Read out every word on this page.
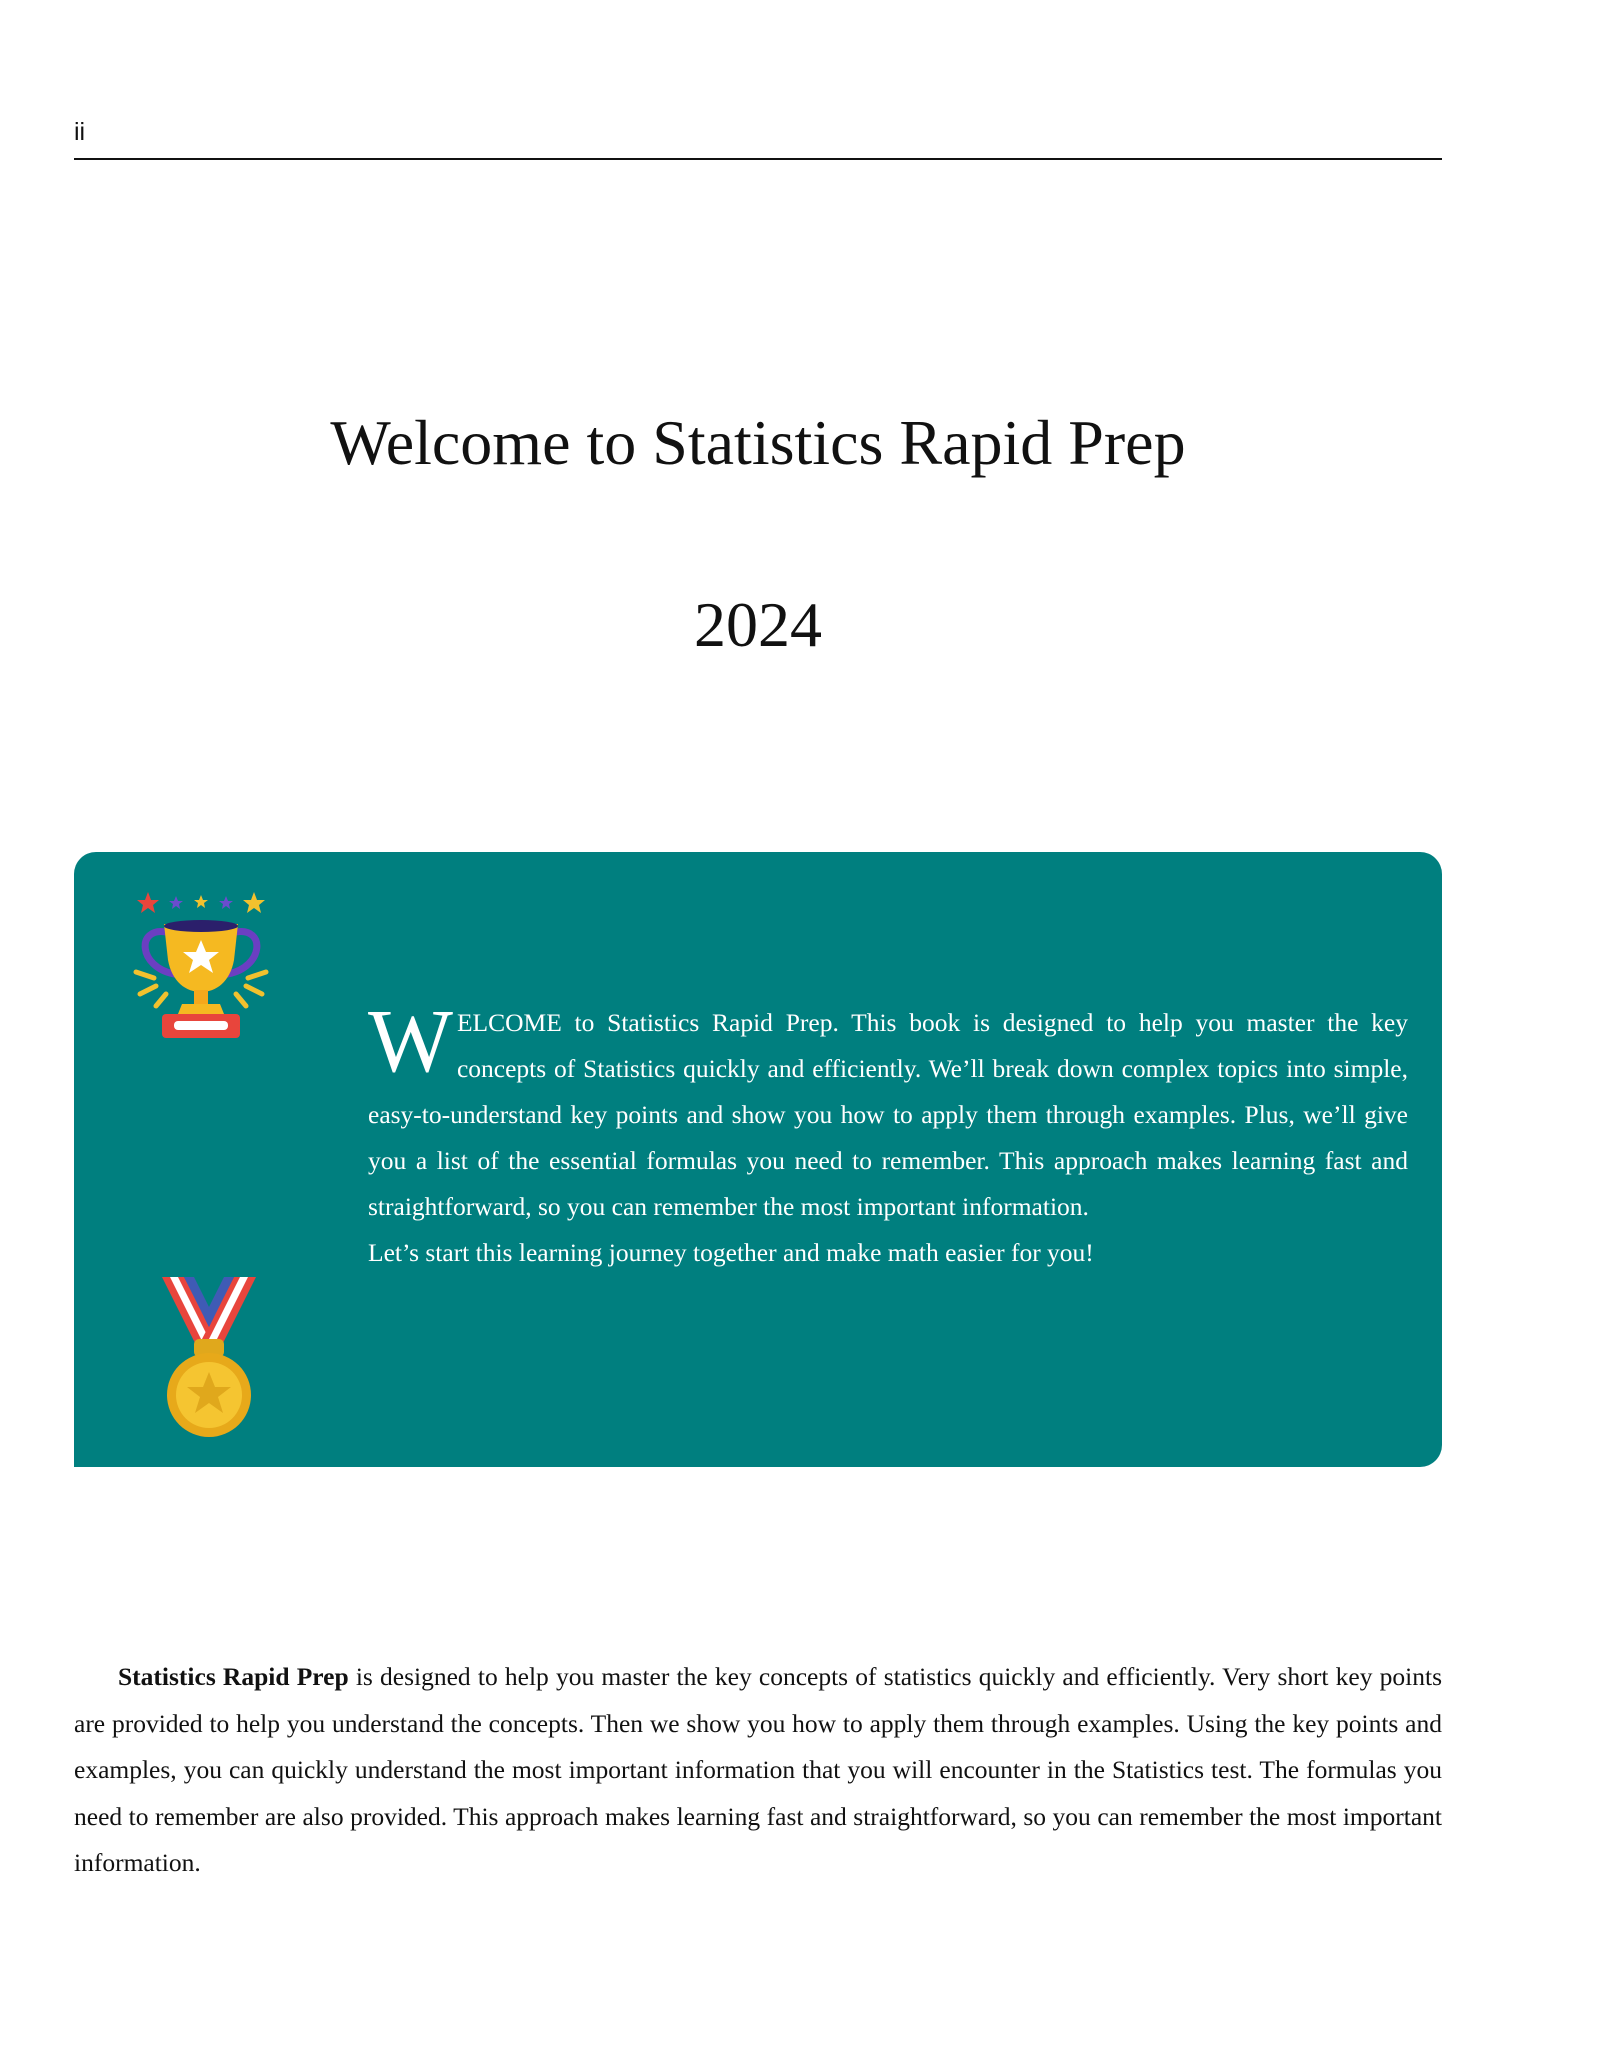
ii
Welcome to Statistics Rapid Prep
2024

WELCOME to Statistics Rapid Prep. This book is designed to help you master the key concepts of Statistics quickly and efficiently. We’ll break down complex topics into simple, easy-to-understand key points and show you how to apply them through examples. Plus, we’ll give you a list of the essential formulas you need to remember. This approach makes learning fast and straightforward, so you can remember the most important information.

Let’s start this learning journey together and make math easier for you!

Statistics Rapid Prep is designed to help you master the key concepts of statistics quickly and efficiently. Very short key points are provided to help you understand the concepts. Then we show you how to apply them through examples. Using the key points and examples, you can quickly understand the most important information that you will encounter in the Statistics test. The formulas you need to remember are also provided. This approach makes learning fast and straightforward, so you can remember the most important information.
